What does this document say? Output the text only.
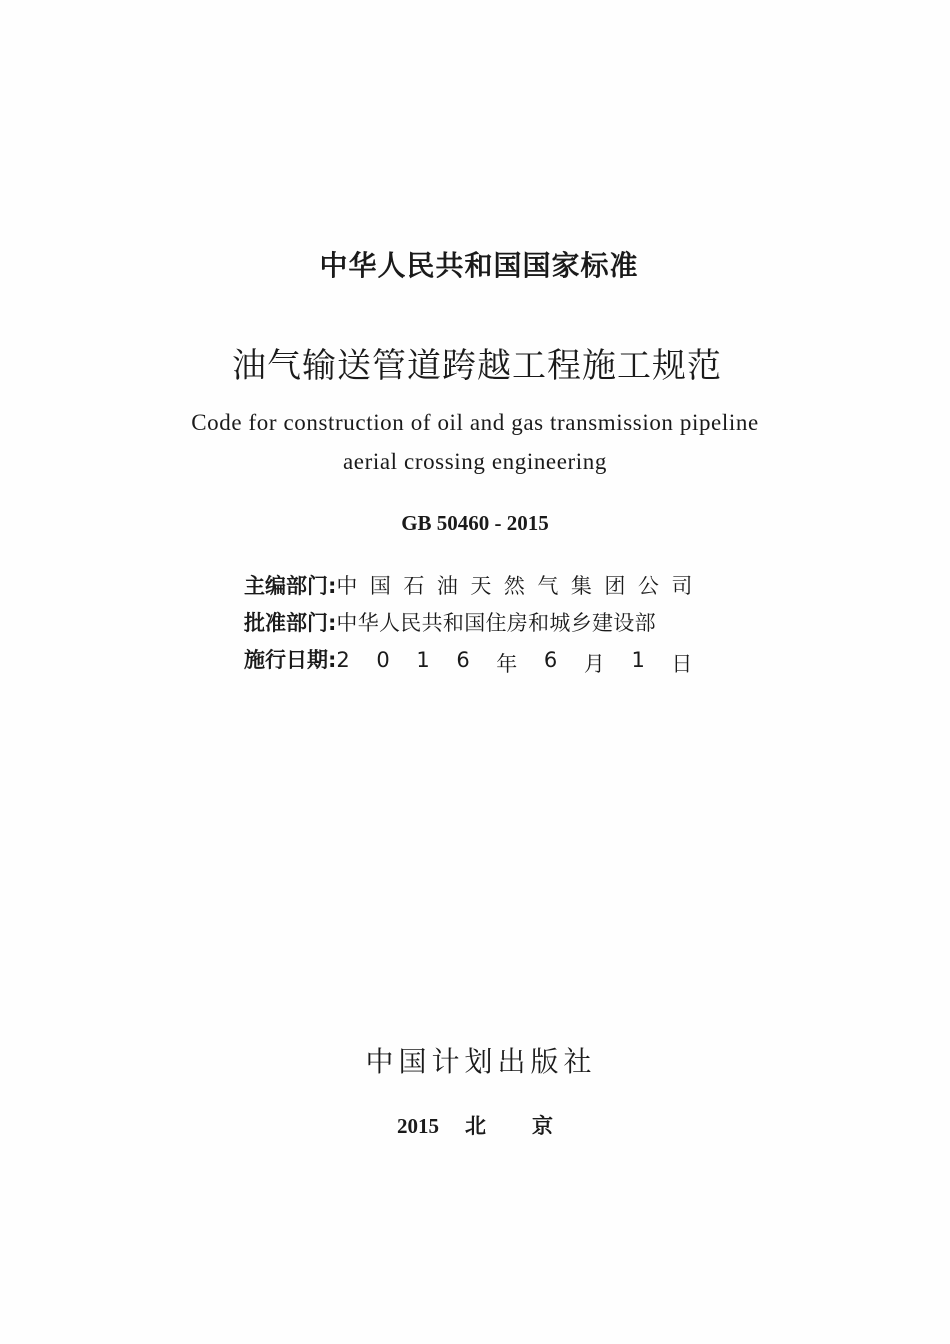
中华人民共和国国家标准
油气输送管道跨越工程施工规范
Code for construction of oil and gas transmission pipeline
aerial crossing engineering
GB 50460 - 2015
主编部门 : 中 国 石 油 天 然 气 集 团 公 司
批准部门 : 中华人民共和国住房和城乡建设部
施行日期 : 2 0 1 6 年 6 月 1 日
中国计划出版社
2015 北 京
